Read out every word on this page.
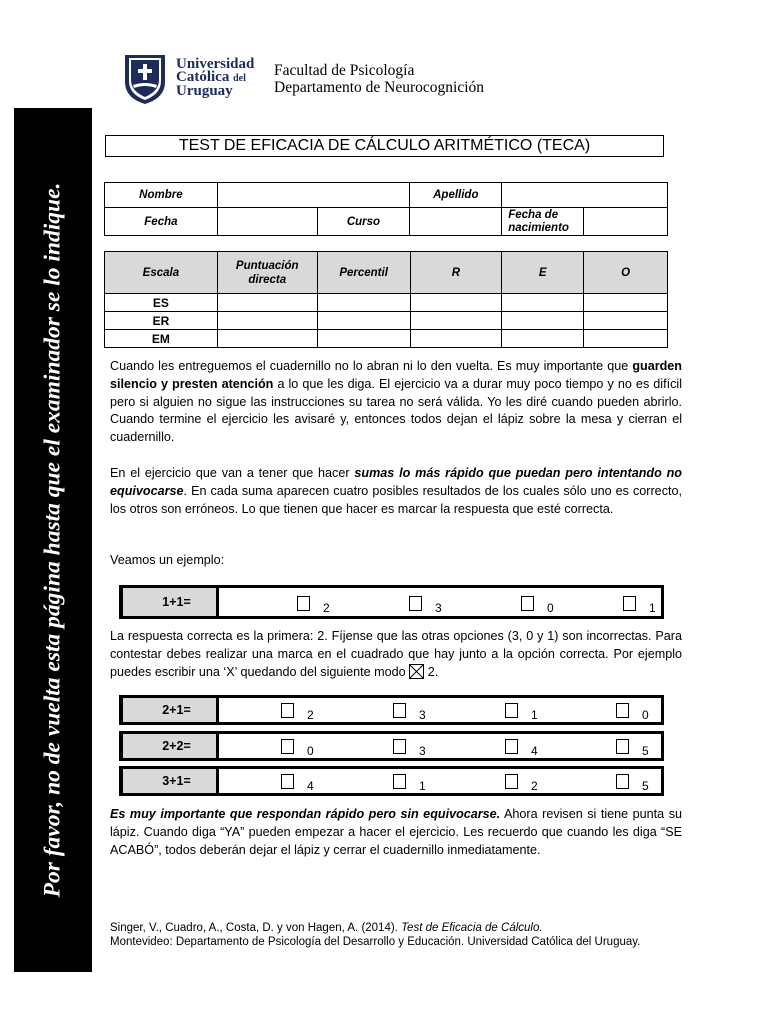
Por favor, no de vuelta esta página hasta que el examinador se lo indique.
Universidad
Católica del
Uruguay
Facultad de Psicología
Departamento de Neurocognición
TEST DE EFICACIA DE CÁLCULO ARITMÉTICO (TECA)
Nombre			Apellido		
Fecha		Curso		Fecha de
nacimiento	
Escala	Puntuación directa	Percentil	R	E	O
ES					
ER					
EM					

Cuando les entreguemos el cuadernillo no lo abran ni lo den vuelta. Es muy importante que guarden silencio y presten atención a lo que les diga. El ejercicio va a durar muy poco tiempo y no es difícil pero si alguien no sigue las instrucciones su tarea no será válida. Yo les diré cuando pueden abrirlo. Cuando termine el ejercicio les avisaré y, entonces todos dejan el lápiz sobre la mesa y cierran el cuadernillo.

En el ejercicio que van a tener que hacer sumas lo más rápido que puedan pero intentando no equivocarse. En cada suma aparecen cuatro posibles resultados de los cuales sólo uno es correcto, los otros son erróneos. Lo que tienen que hacer es marcar la respuesta que esté correcta.

Veamos un ejemplo:
1+1=	2	3	0	1

La respuesta correcta es la primera: 2. Fíjense que las otras opciones (3, 0 y 1) son incorrectas. Para contestar debes realizar una marca en el cuadrado que hay junto a la opción correcta. Por ejemplo puedes escribir una ‘X’ quedando del siguiente modo
2.

2+1=	2	3	1	0
2+2=	0	3	4	5
3+1=	4	1	2	5

Es muy importante que respondan rápido pero sin equivocarse. Ahora revisen si tiene punta su lápiz. Cuando diga “YA” pueden empezar a hacer el ejercicio. Les recuerdo que cuando les diga “SE ACABÓ”, todos deberán dejar el lápiz y cerrar el cuadernillo inmediatamente.

Singer, V., Cuadro, A., Costa, D. y von Hagen, A. (2014). Test de Eficacia de Cálculo.
Montevideo: Departamento de Psicología del Desarrollo y Educación. Universidad Católica del Uruguay.
